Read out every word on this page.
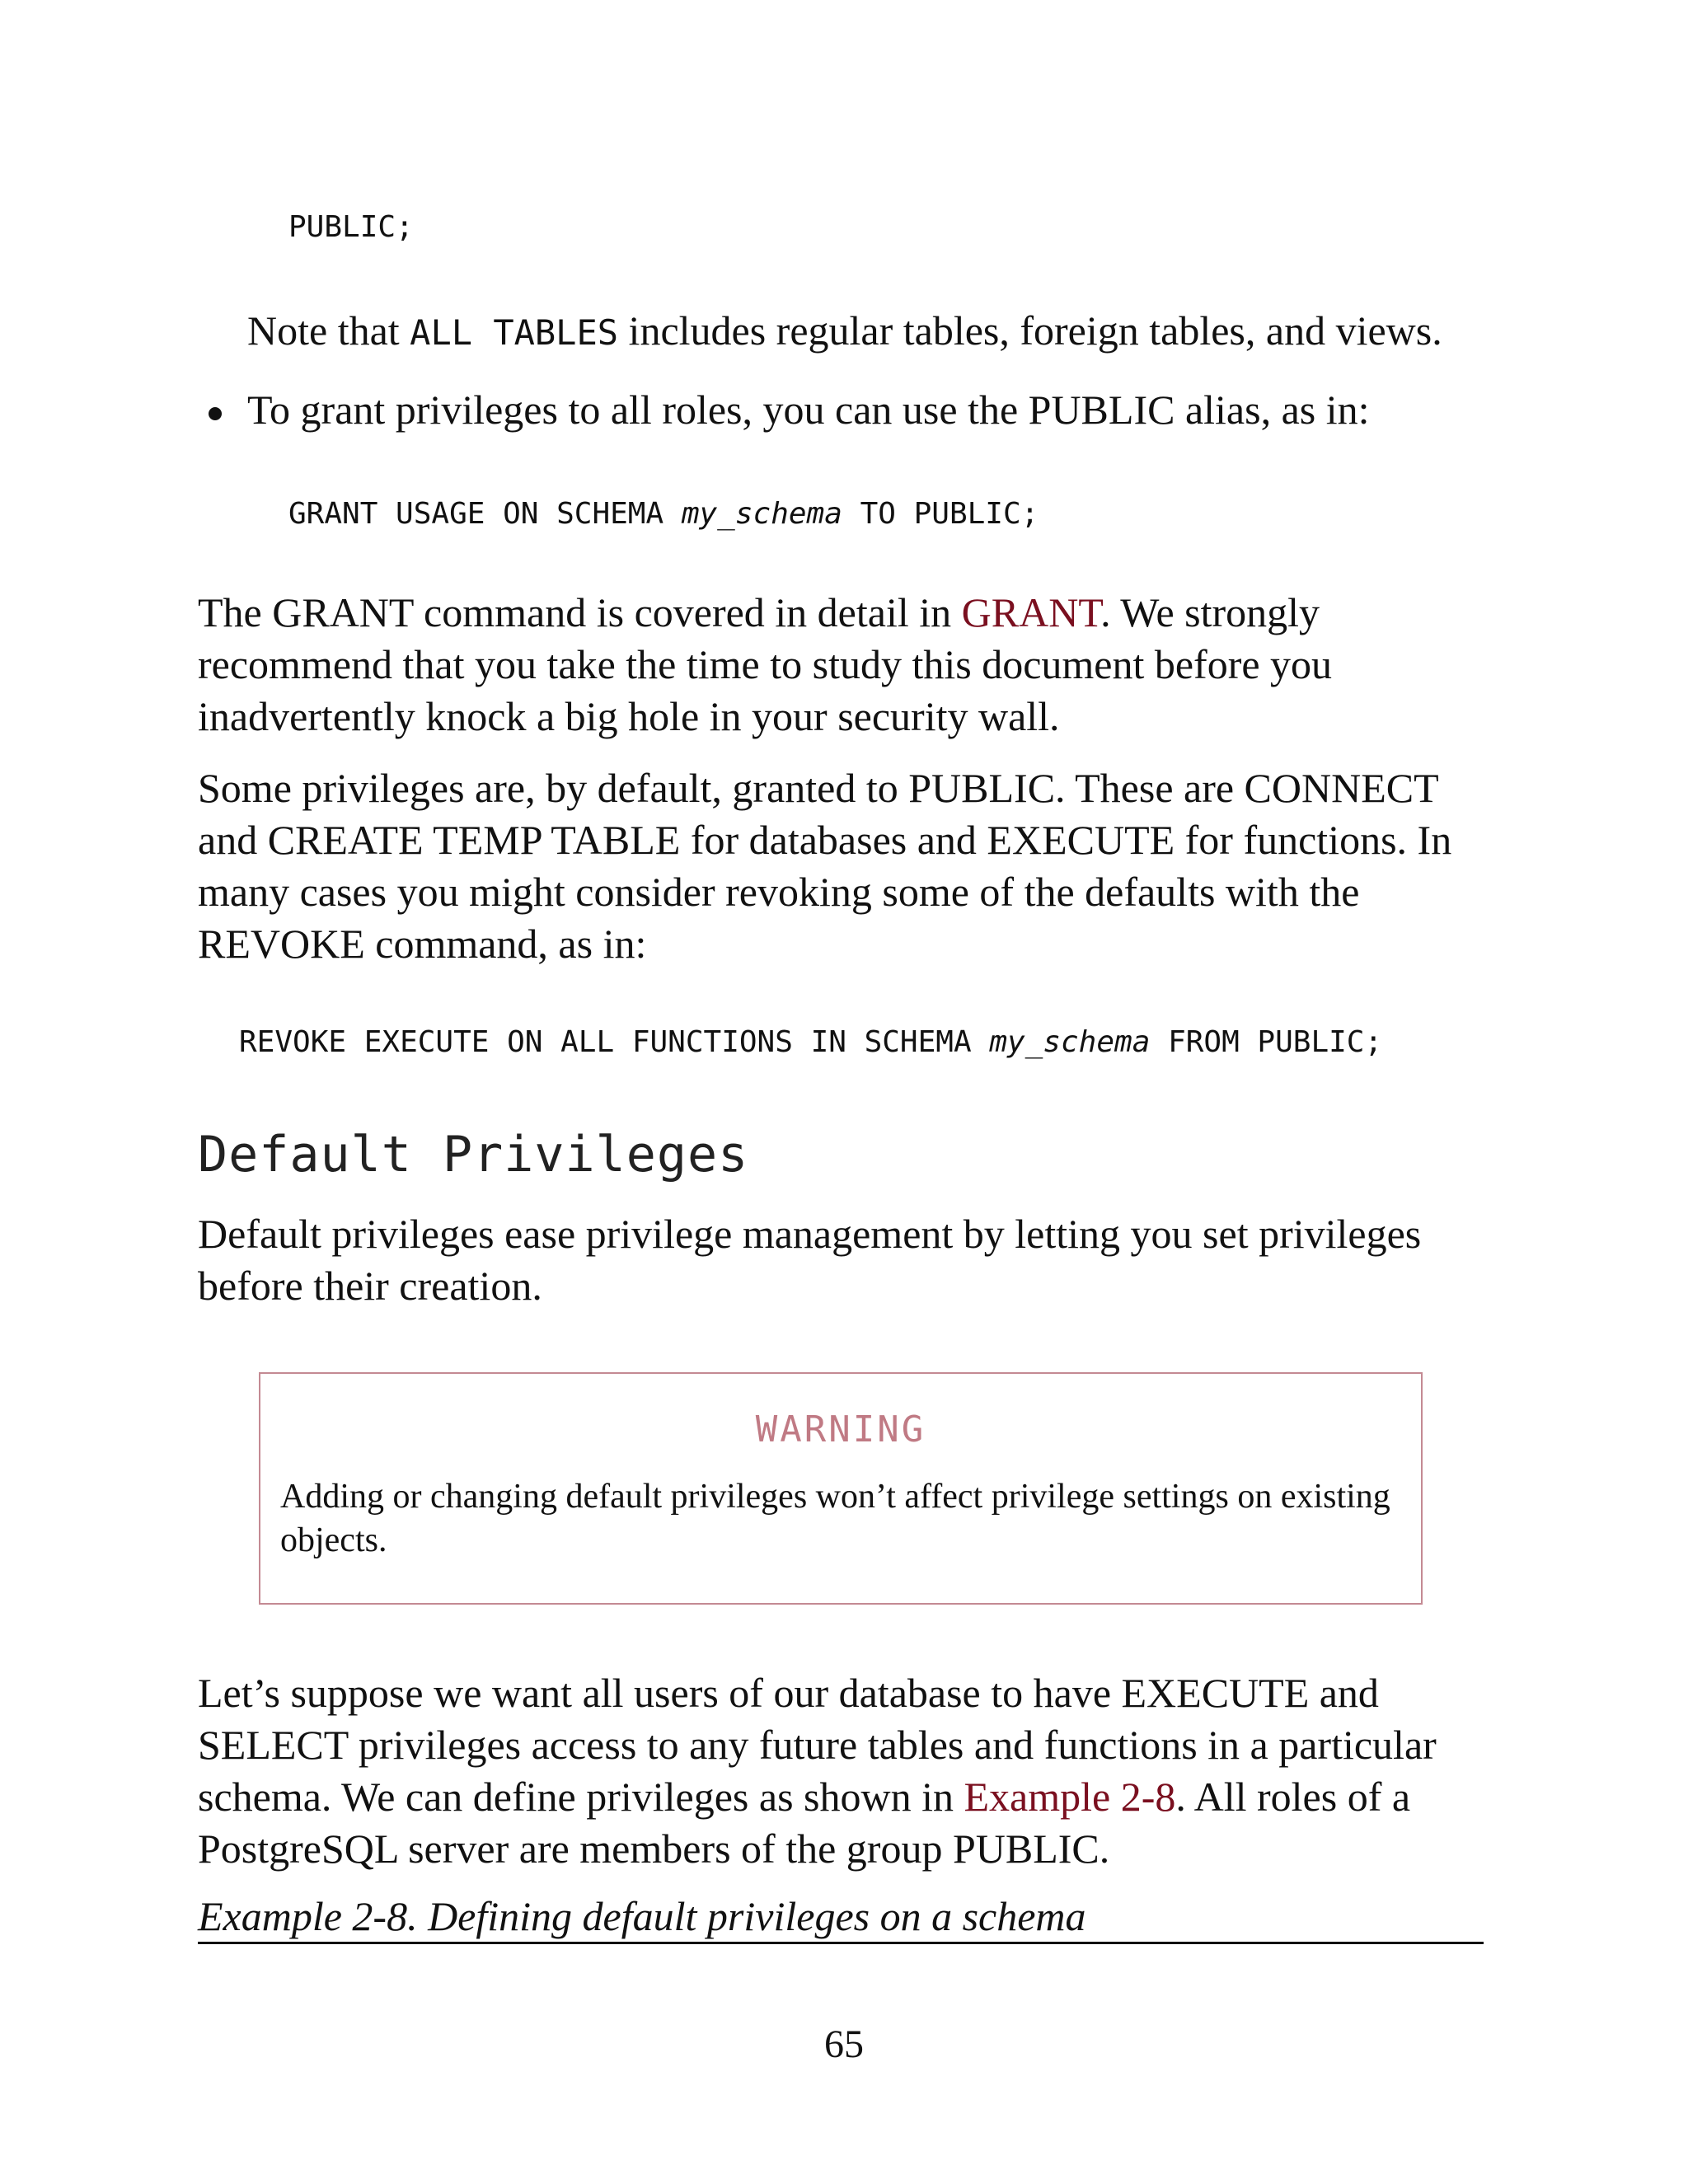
PUBLIC;
Note that ALL TABLES includes regular tables, foreign tables, and views.
To grant privileges to all roles, you can use the PUBLIC alias, as in:
GRANT USAGE ON SCHEMA my_schema TO PUBLIC;
The GRANT command is covered in detail in GRANT. We strongly recommend that you take the time to study this document before you inadvertently knock a big hole in your security wall.
Some privileges are, by default, granted to PUBLIC. These are CONNECT and CREATE TEMP TABLE for databases and EXECUTE for functions. In many cases you might consider revoking some of the defaults with the REVOKE command, as in:
REVOKE EXECUTE ON ALL FUNCTIONS IN SCHEMA my_schema FROM PUBLIC;
Default Privileges
Default privileges ease privilege management by letting you set privileges before their creation.
WARNING
Adding or changing default privileges won’t affect privilege settings on existing objects.
Let’s suppose we want all users of our database to have EXECUTE and SELECT privileges access to any future tables and functions in a particular schema. We can define privileges as shown in Example 2-8. All roles of a PostgreSQL server are members of the group PUBLIC.
Example 2-8. Defining default privileges on a schema
65
